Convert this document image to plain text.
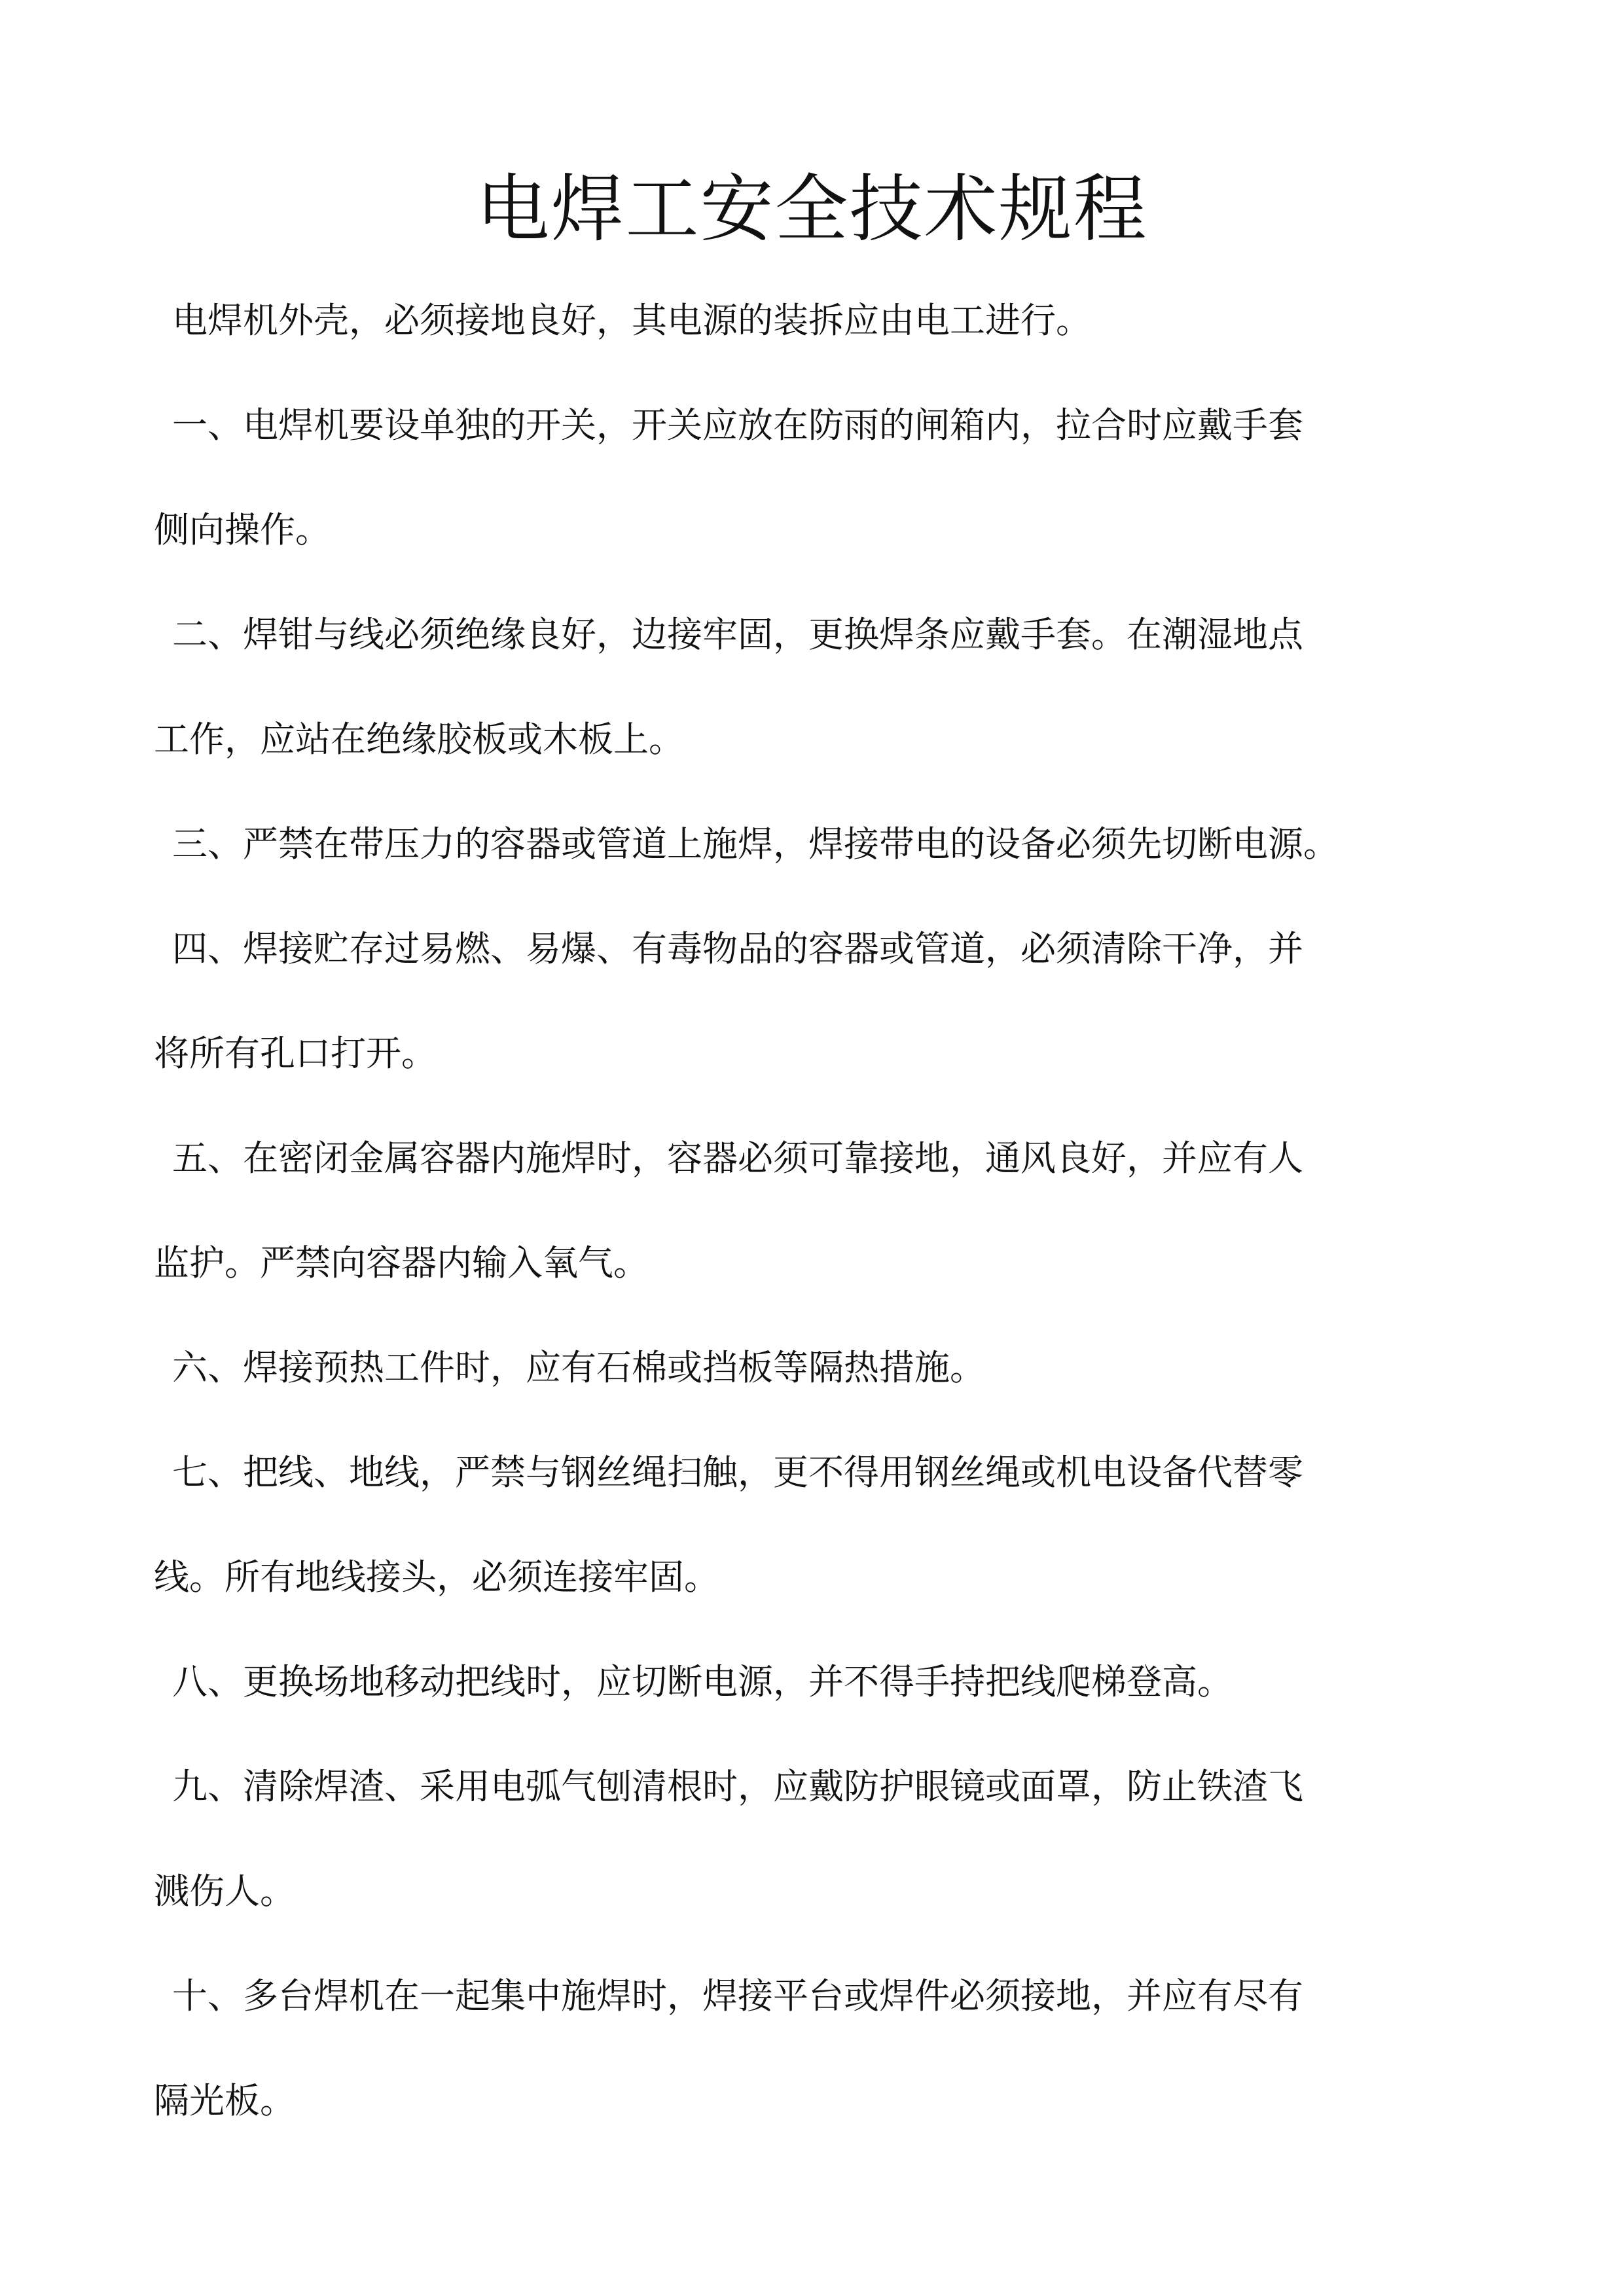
电焊工安全技术规程
电焊机外壳，必须接地良好，其电源的装拆应由电工进行。
一、电焊机要设单独的开关，开关应放在防雨的闸箱内，拉合时应戴手套
侧向操作。
二、焊钳与线必须绝缘良好，边接牢固，更换焊条应戴手套。在潮湿地点
工作，应站在绝缘胶板或木板上。
三、严禁在带压力的容器或管道上施焊，焊接带电的设备必须先切断电源。
四、焊接贮存过易燃、易爆、有毒物品的容器或管道，必须清除干净，并
将所有孔口打开。
五、在密闭金属容器内施焊时，容器必须可靠接地，通风良好，并应有人
监护。严禁向容器内输入氧气。
六、焊接预热工件时，应有石棉或挡板等隔热措施。
七、把线、地线，严禁与钢丝绳扫触，更不得用钢丝绳或机电设备代替零
线。所有地线接头，必须连接牢固。
八、更换场地移动把线时，应切断电源，并不得手持把线爬梯登高。
九、清除焊渣、采用电弧气刨清根时，应戴防护眼镜或面罩，防止铁渣飞
溅伤人。
十、多台焊机在一起集中施焊时，焊接平台或焊件必须接地，并应有尽有
隔光板。
